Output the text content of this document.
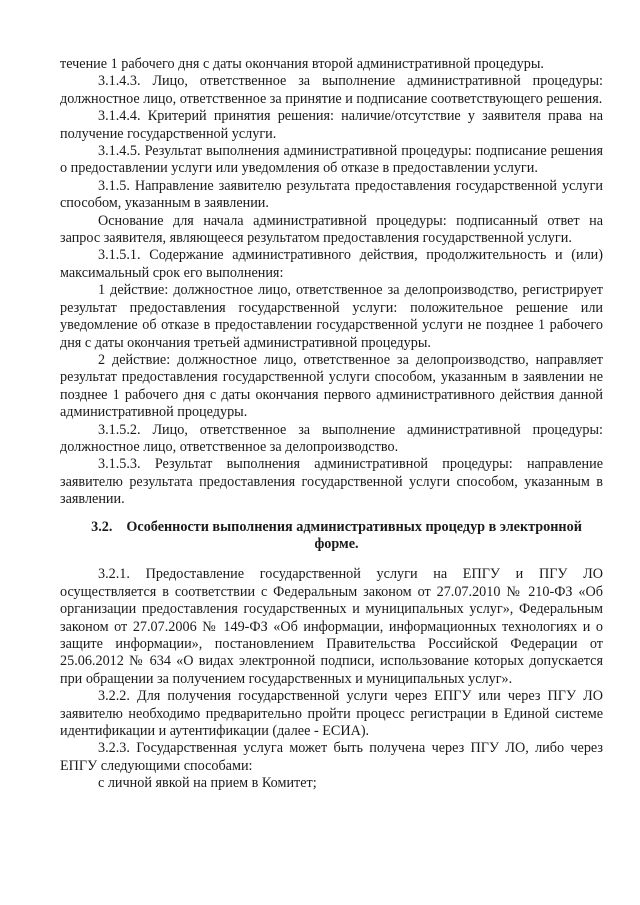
течение 1 рабочего дня с даты окончания второй административной процедуры.

3.1.4.3. Лицо, ответственное за выполнение административной процедуры: должностное лицо, ответственное за принятие и подписание соответствующего решения.

3.1.4.4. Критерий принятия решения: наличие/отсутствие у заявителя права на получение государственной услуги.

3.1.4.5. Результат выполнения административной процедуры: подписание решения о предоставлении услуги или уведомления об отказе в предоставлении услуги.

3.1.5. Направление заявителю результата предоставления государственной услуги способом, указанным в заявлении.

Основание для начала административной процедуры: подписанный ответ на запрос заявителя, являющееся результатом предоставления государственной услуги.

3.1.5.1. Содержание административного действия, продолжительность и (или) максимальный срок его выполнения:

1 действие: должностное лицо, ответственное за делопроизводство, регистрирует результат предоставления государственной услуги: положительное решение или уведомление об отказе в предоставлении государственной услуги не позднее 1 рабочего дня с даты окончания третьей административной процедуры.

2 действие: должностное лицо, ответственное за делопроизводство, направляет результат предоставления государственной услуги способом, указанным в заявлении не позднее 1 рабочего дня с даты окончания первого административного действия данной административной процедуры.

3.1.5.2. Лицо, ответственное за выполнение административной процедуры: должностное лицо, ответственное за делопроизводство.

3.1.5.3. Результат выполнения административной процедуры: направление заявителю результата предоставления государственной услуги способом, указанным в заявлении.

3.2. Особенности выполнения административных процедур в электронной форме.

3.2.1. Предоставление государственной услуги на ЕПГУ и ПГУ ЛО осуществляется в соответствии с Федеральным законом от 27.07.2010 № 210-ФЗ «Об организации предоставления государственных и муниципальных услуг», Федеральным законом от 27.07.2006 № 149-ФЗ «Об информации, информационных технологиях и о защите информации», постановлением Правительства Российской Федерации от 25.06.2012 № 634 «О видах электронной подписи, использование которых допускается при обращении за получением государственных и муниципальных услуг».

3.2.2. Для получения государственной услуги через ЕПГУ или через ПГУ ЛО заявителю необходимо предварительно пройти процесс регистрации в Единой системе идентификации и аутентификации (далее - ЕСИА).

3.2.3. Государственная услуга может быть получена через ПГУ ЛО, либо через ЕПГУ следующими способами:

с личной явкой на прием в Комитет;
